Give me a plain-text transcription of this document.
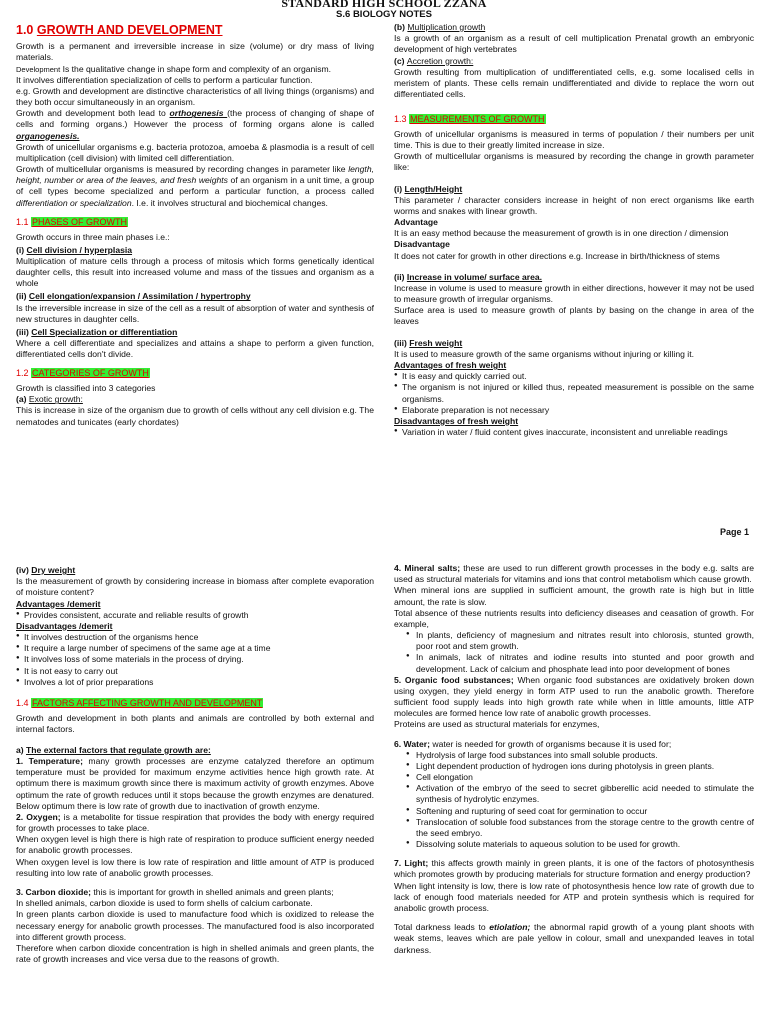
STANDARD HIGH SCHOOL ZZANA
S.6 BIOLOGY NOTES
1.0 GROWTH AND DEVELOPMENT

Growth is a permanent and irreversible increase in size (volume) or dry mass of living materials.

Development Is the qualitative change in shape form and complexity of an organism.

It involves differentiation specialization of cells to perform a particular function.

e.g. Growth and development are distinctive characteristics of all living things (organisms) and they both occur simultaneously in an organism.

Growth and development both lead to orthogenesis (the process of changing of shape of cells and forming organs.) However the process of forming organs alone is called organogenesis.

Growth of unicellular organisms e.g. bacteria protozoa, amoeba & plasmodia is a result of cell multiplication (cell division) with limited cell differentiation.

Growth of multicellular organisms is measured by recording changes in parameter like length, height, number or area of the leaves, and fresh weights of an organism in a unit time, a group of cell types become specialized and perform a particular function, a process called differentiation or specialization. I.e. it involves structural and biochemical changes.

1.1 PHASES OF GROWTH

Growth occurs in three main phases i.e.:

(i) Cell division / hyperplasia

Multiplication of mature cells through a process of mitosis which forms genetically identical daughter cells, this result into increased volume and mass of the tissues and organism as a whole

(ii) Cell elongation/expansion / Assimilation / hypertrophy

Is the irreversible increase in size of the cell as a result of absorption of water and synthesis of new structures in daughter cells.

(iii) Cell Specialization or differentiation

Where a cell differentiate and specializes and attains a shape to perform a given function, differentiated cells don't divide.

1.2 CATEGORIES OF GROWTH

Growth is classified into 3 categories

(a) Exotic growth:

This is increase in size of the organism due to growth of cells without any cell division e.g. The nematodes and tunicates (early chordates)

(b) Multiplication growth

Is a growth of an organism as a result of cell multiplication Prenatal growth an embryonic development of high vertebrates

(c) Accretion growth:

Growth resulting from multiplication of undifferentiated cells, e.g. some localised cells in meristem of plants. These cells remain undifferentiated and divide to replace the worn out differentiated cells.

1.3 MEASUREMENTS OF GROWTH

Growth of unicellular organisms is measured in terms of population / their numbers per unit time. This is due to their greatly limited increase in size.

Growth of multicellular organisms is measured by recording the change in growth parameter like:

(i) Length/Height

This parameter / character considers increase in height of non erect organisms like earth worms and snakes with linear growth.

Advantage

It is an easy method because the measurement of growth is in one direction / dimension

Disadvantage

It does not cater for growth in other directions e.g. Increase in birth/thickness of stems

(ii) Increase in volume/ surface area.

Increase in volume is used to measure growth in either directions, however it may not be used to measure growth of irregular organisms.

Surface area is used to measure growth of plants by basing on the change in area of the leaves

(iii) Fresh weight

It is used to measure growth of the same organisms without injuring or killing it.

Advantages of fresh weight
● It is easy and quickly carried out.
● The organism is not injured or killed thus, repeated measurement is possible on the same organisms.
● Elaborate preparation is not necessary
Disadvantages of fresh weight
● Variation in water / fluid content gives inaccurate, inconsistent and unreliable readings
Page 1
(iv) Dry weight

Is the measurement of growth by considering increase in biomass after complete evaporation of moisture content?

Advantages /demerit
● Provides consistent, accurate and reliable results of growth
Disadvantages /demerit
● It involves destruction of the organisms hence
● It require a large number of specimens of the same age at a time
● It involves loss of some materials in the process of drying.
● It is not easy to carry out
● Involves a lot of prior preparations
1.4 FACTORS AFFECTING GROWTH AND DEVELOPMENT

Growth and development in both plants and animals are controlled by both external and internal factors.

a) The external factors that regulate growth are:

1. Temperature; many growth processes are enzyme catalyzed therefore an optimum temperature must be provided for maximum enzyme activities hence high growth rate. At optimum there is maximum growth since there is maximum activity of growth enzymes. Above optimum the rate of growth reduces until it stops because the growth enzymes are denatured. Below optimum there is low rate of growth due to inactivation of growth enzyme.

2. Oxygen; is a metabolite for tissue respiration that provides the body with energy required for growth processes to take place.

When oxygen level is high there is high rate of respiration to produce sufficient energy needed for anabolic growth processes.

When oxygen level is low there is low rate of respiration and little amount of ATP is produced resulting into low rate of anabolic growth processes.

3. Carbon dioxide; this is important for growth in shelled animals and green plants;

In shelled animals, carbon dioxide is used to form shells of calcium carbonate.

In green plants carbon dioxide is used to manufacture food which is oxidized to release the necessary energy for anabolic growth processes. The manufactured food is also incorporated into different growth process.

Therefore when carbon dioxide concentration is high in shelled animals and green plants, the rate of growth increases and vice versa due to the reasons of growth.

4. Mineral salts; these are used to run different growth processes in the body e.g. salts are used as structural materials for vitamins and ions that control metabolism which cause growth.

When mineral ions are supplied in sufficient amount, the growth rate is high but in little amount, the rate is slow.

Total absence of these nutrients results into deficiency diseases and ceasation of growth. For example,

● In plants, deficiency of magnesium and nitrates result into chlorosis, stunted growth, poor root and stem growth.
● In animals, lack of nitrates and iodine results into stunted and poor growth and development. Lack of calcium and phosphate lead into poor development of bones

5. Organic food substances; When organic food substances are oxidatively broken down using oxygen, they yield energy in form ATP used to run the anabolic growth. Therefore sufficient food supply leads into high growth rate while when in little amounts, little ATP molecules are formed hence low rate of anabolic growth processes.

Proteins are used as structural materials for enzymes,

6. Water; water is needed for growth of organisms because it is used for;

● Hydrolysis of large food substances into small soluble products.
● Light dependent production of hydrogen ions during photolysis in green plants.
● Cell elongation
● Activation of the embryo of the seed to secret gibberellic acid needed to stimulate the synthesis of hydrolytic enzymes.
● Softening and rupturing of seed coat for germination to occur
● Translocation of soluble food substances from the storage centre to the growth centre of the seed embryo.
● Dissolving solute materials to aqueous solution to be used for growth.

7. Light; this affects growth mainly in green plants, it is one of the factors of photosynthesis which promotes growth by producing materials for structure formation and energy production?

When light intensity is low, there is low rate of photosynthesis hence low rate of growth due to lack of enough food materials needed for ATP and protein synthesis which is required for anabolic growth process.

Total darkness leads to etiolation; the abnormal rapid growth of a young plant shoots with weak stems, leaves which are pale yellow in colour, small and unexpanded leaves in total darkness.
